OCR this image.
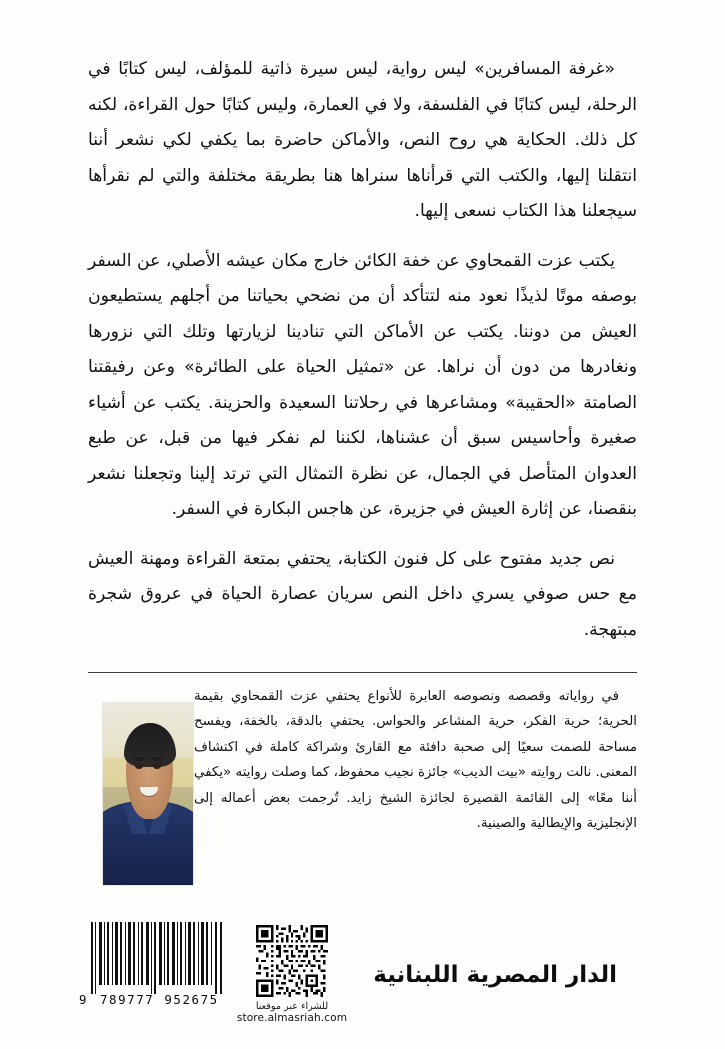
«غرفة المسافرين» ليس رواية، ليس سيرة ذاتية للمؤلف، ليس كتابًا في الرحلة، ليس كتابًا في الفلسفة، ولا في العمارة، وليس كتابًا حول القراءة، لكنه كل ذلك. الحكاية هي روح النص، والأماكن حاضرة بما يكفي لكي نشعر أننا انتقلنا إليها، والكتب التي قرأناها سنراها هنا بطريقة مختلفة والتي لم نقرأها سيجعلنا هذا الكتاب نسعى إليها.

يكتب عزت القمحاوي عن خفة الكائن خارج مكان عيشه الأصلي، عن السفر بوصفه موتًا لذيذًا نعود منه لتتأكد أن من نضحي بحياتنا من أجلهم يستطيعون العيش من دوننا. يكتب عن الأماكن التي تنادينا لزيارتها وتلك التي نزورها ونغادرها من دون أن نراها. عن «تمثيل الحياة على الطائرة» وعن رفيقتنا الصامتة «الحقيبة» ومشاعرها في رحلاتنا السعيدة والحزينة. يكتب عن أشياء صغيرة وأحاسيس سبق أن عشناها، لكننا لم نفكر فيها من قبل، عن طبع العدوان المتأصل في الجمال، عن نظرة التمثال التي ترتد إلينا وتجعلنا نشعر بنقصنا، عن إثارة العيش في جزيرة، عن هاجس البكارة في السفر.

نص جديد مفتوح على كل فنون الكتابة، يحتفي بمتعة القراءة ومهنة العيش مع حس صوفي يسري داخل النص سريان عصارة الحياة في عروق شجرة مبتهجة.

في رواياته وقصصه ونصوصه العابرة للأنواع يحتفي عزت القمحاوي بقيمة الحرية؛ حرية الفكر، حرية المشاعر والحواس. يحتفي بالدقة، بالخفة، ويفسح مساحة للصمت سعيًا إلى صحبة دافئة مع القارئ وشراكة كاملة في اكتشاف المعنى. نالت روايته «بيت الديب» جائزة نجيب محفوظ، كما وصلت روايته «يكفي أننا معًا» إلى القائمة القصيرة لجائزة الشيخ زايد. تُرجمت بعض أعماله إلى الإنجليزية والإيطالية والصينية.

الدار المصرية اللبنانية
للشراء عبر موقعنا
store.almasriah.com
9	789777 952675
